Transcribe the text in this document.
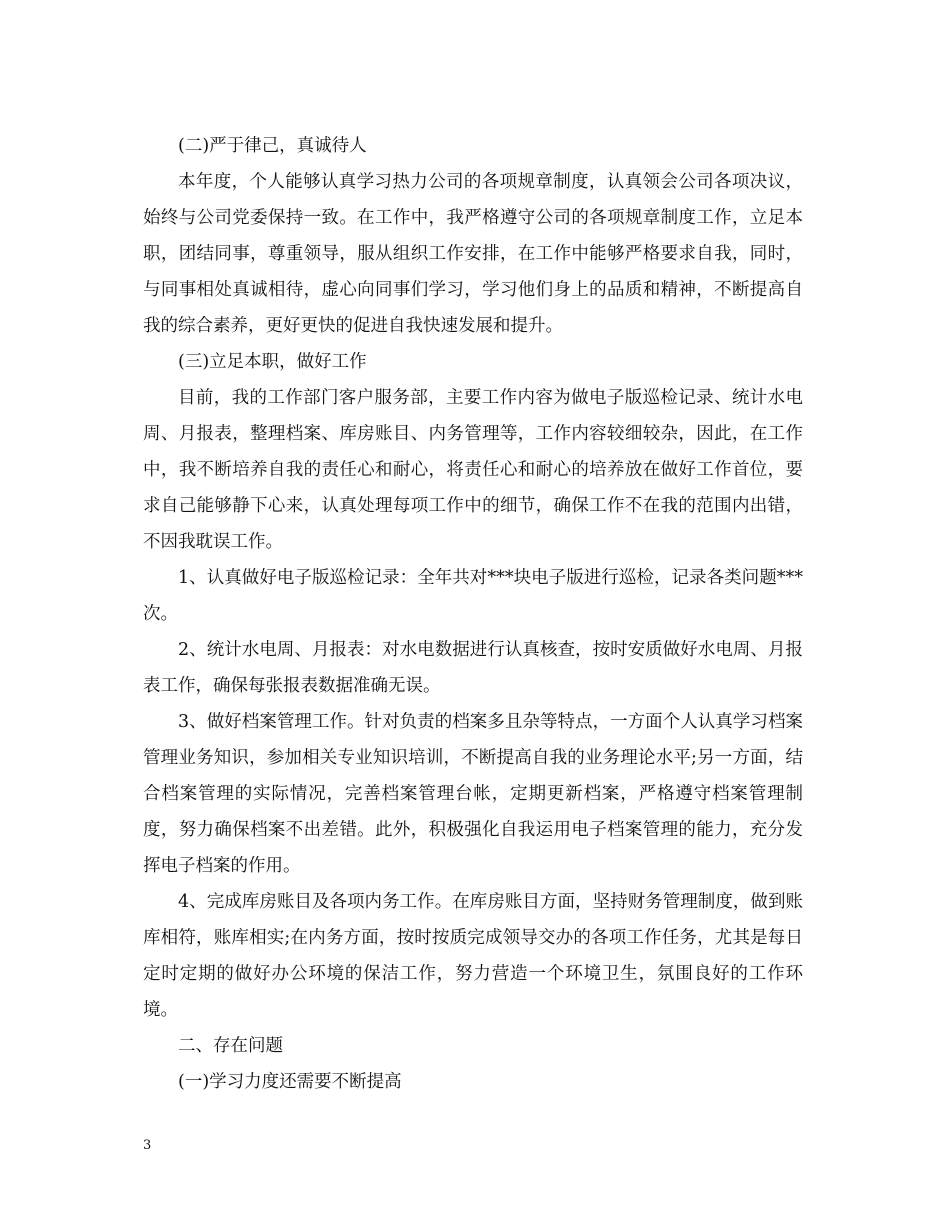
(二)严于律己，真诚待人

本年度，个人能够认真学习热力公司的各项规章制度，认真领会公司各项决议，始终与公司党委保持一致。在工作中，我严格遵守公司的各项规章制度工作，立足本职，团结同事，尊重领导，服从组织工作安排，在工作中能够严格要求自我，同时，与同事相处真诚相待，虚心向同事们学习，学习他们身上的品质和精神，不断提高自我的综合素养，更好更快的促进自我快速发展和提升。

(三)立足本职，做好工作

目前，我的工作部门客户服务部，主要工作内容为做电子版巡检记录、统计水电周、月报表，整理档案、库房账目、内务管理等，工作内容较细较杂，因此，在工作中，我不断培养自我的责任心和耐心，将责任心和耐心的培养放在做好工作首位，要求自己能够静下心来，认真处理每项工作中的细节，确保工作不在我的范围内出错，不因我耽误工作。

1、认真做好电子版巡检记录：全年共对***块电子版进行巡检，记录各类问题***次。

2、统计水电周、月报表：对水电数据进行认真核查，按时安质做好水电周、月报表工作，确保每张报表数据准确无误。

3、做好档案管理工作。针对负责的档案多且杂等特点，一方面个人认真学习档案管理业务知识，参加相关专业知识培训，不断提高自我的业务理论水平;另一方面，结合档案管理的实际情况，完善档案管理台帐，定期更新档案，严格遵守档案管理制度，努力确保档案不出差错。此外，积极强化自我运用电子档案管理的能力，充分发挥电子档案的作用。

4、完成库房账目及各项内务工作。在库房账目方面，坚持财务管理制度，做到账库相符，账库相实;在内务方面，按时按质完成领导交办的各项工作任务，尤其是每日定时定期的做好办公环境的保洁工作，努力营造一个环境卫生，氛围良好的工作环境。

二、存在问题

(一)学习力度还需要不断提高

3
